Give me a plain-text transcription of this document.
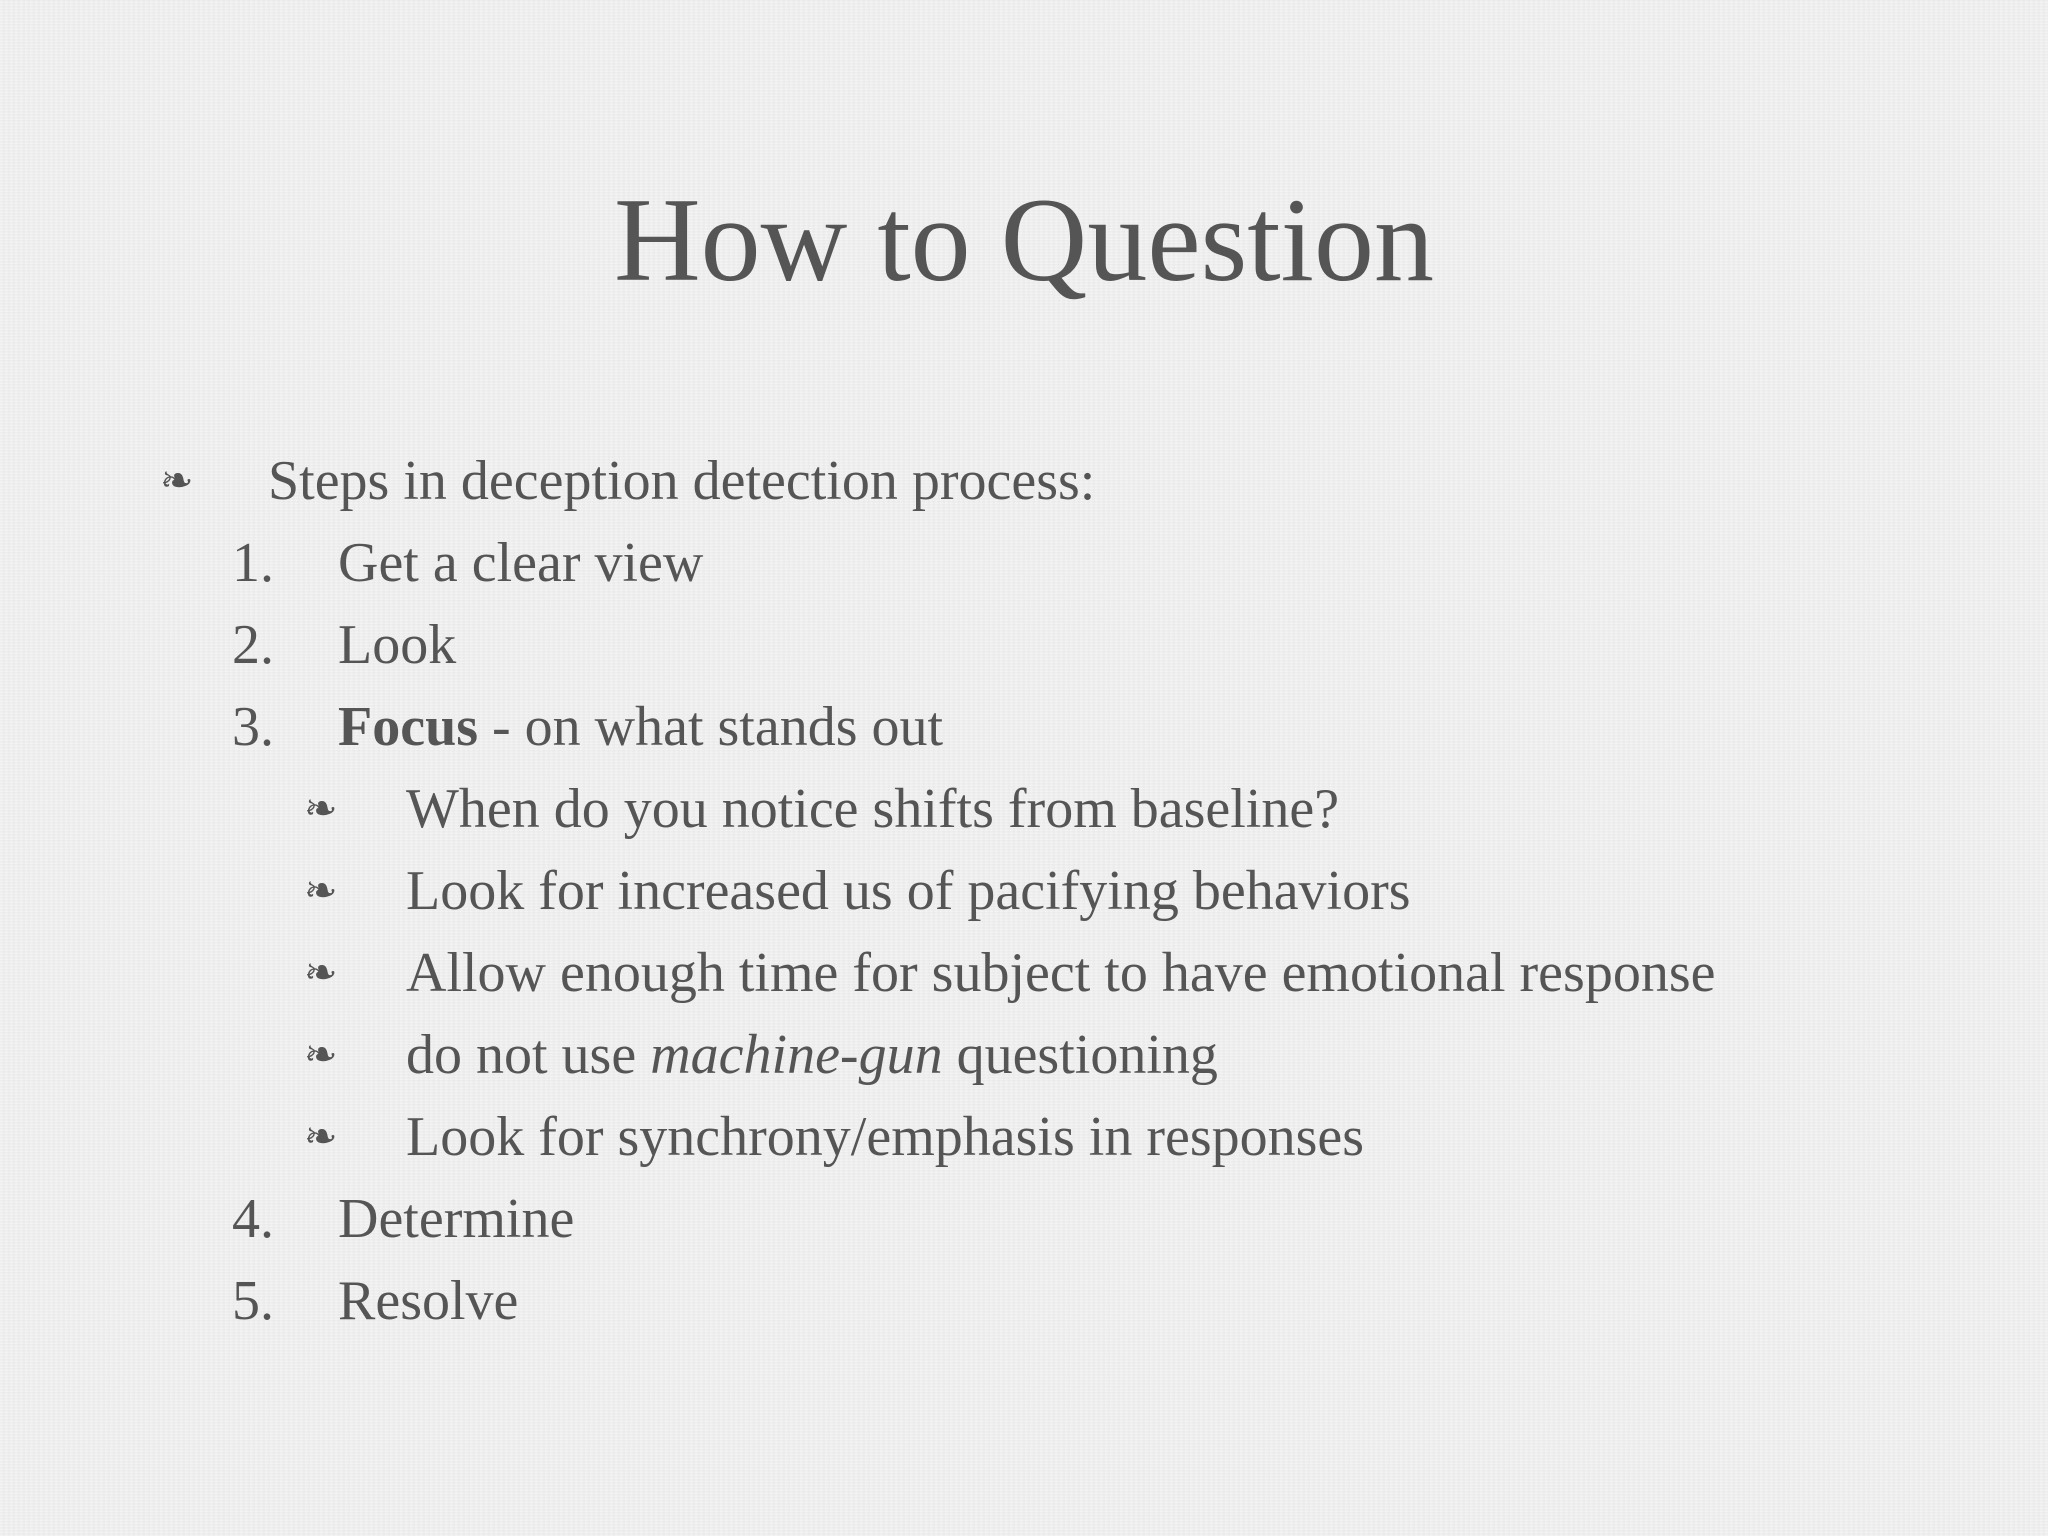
How to Question
❧ Steps in deception detection process:
1.	Get a clear view
2.	Look
3.	Focus - on what stands out
❧ When do you notice shifts from baseline?
❧ Look for increased us of pacifying behaviors
❧ Allow enough time for subject to have emotional response
❧ do not use machine-gun questioning
❧ Look for synchrony/emphasis in responses
4.	Determine
5.	Resolve
